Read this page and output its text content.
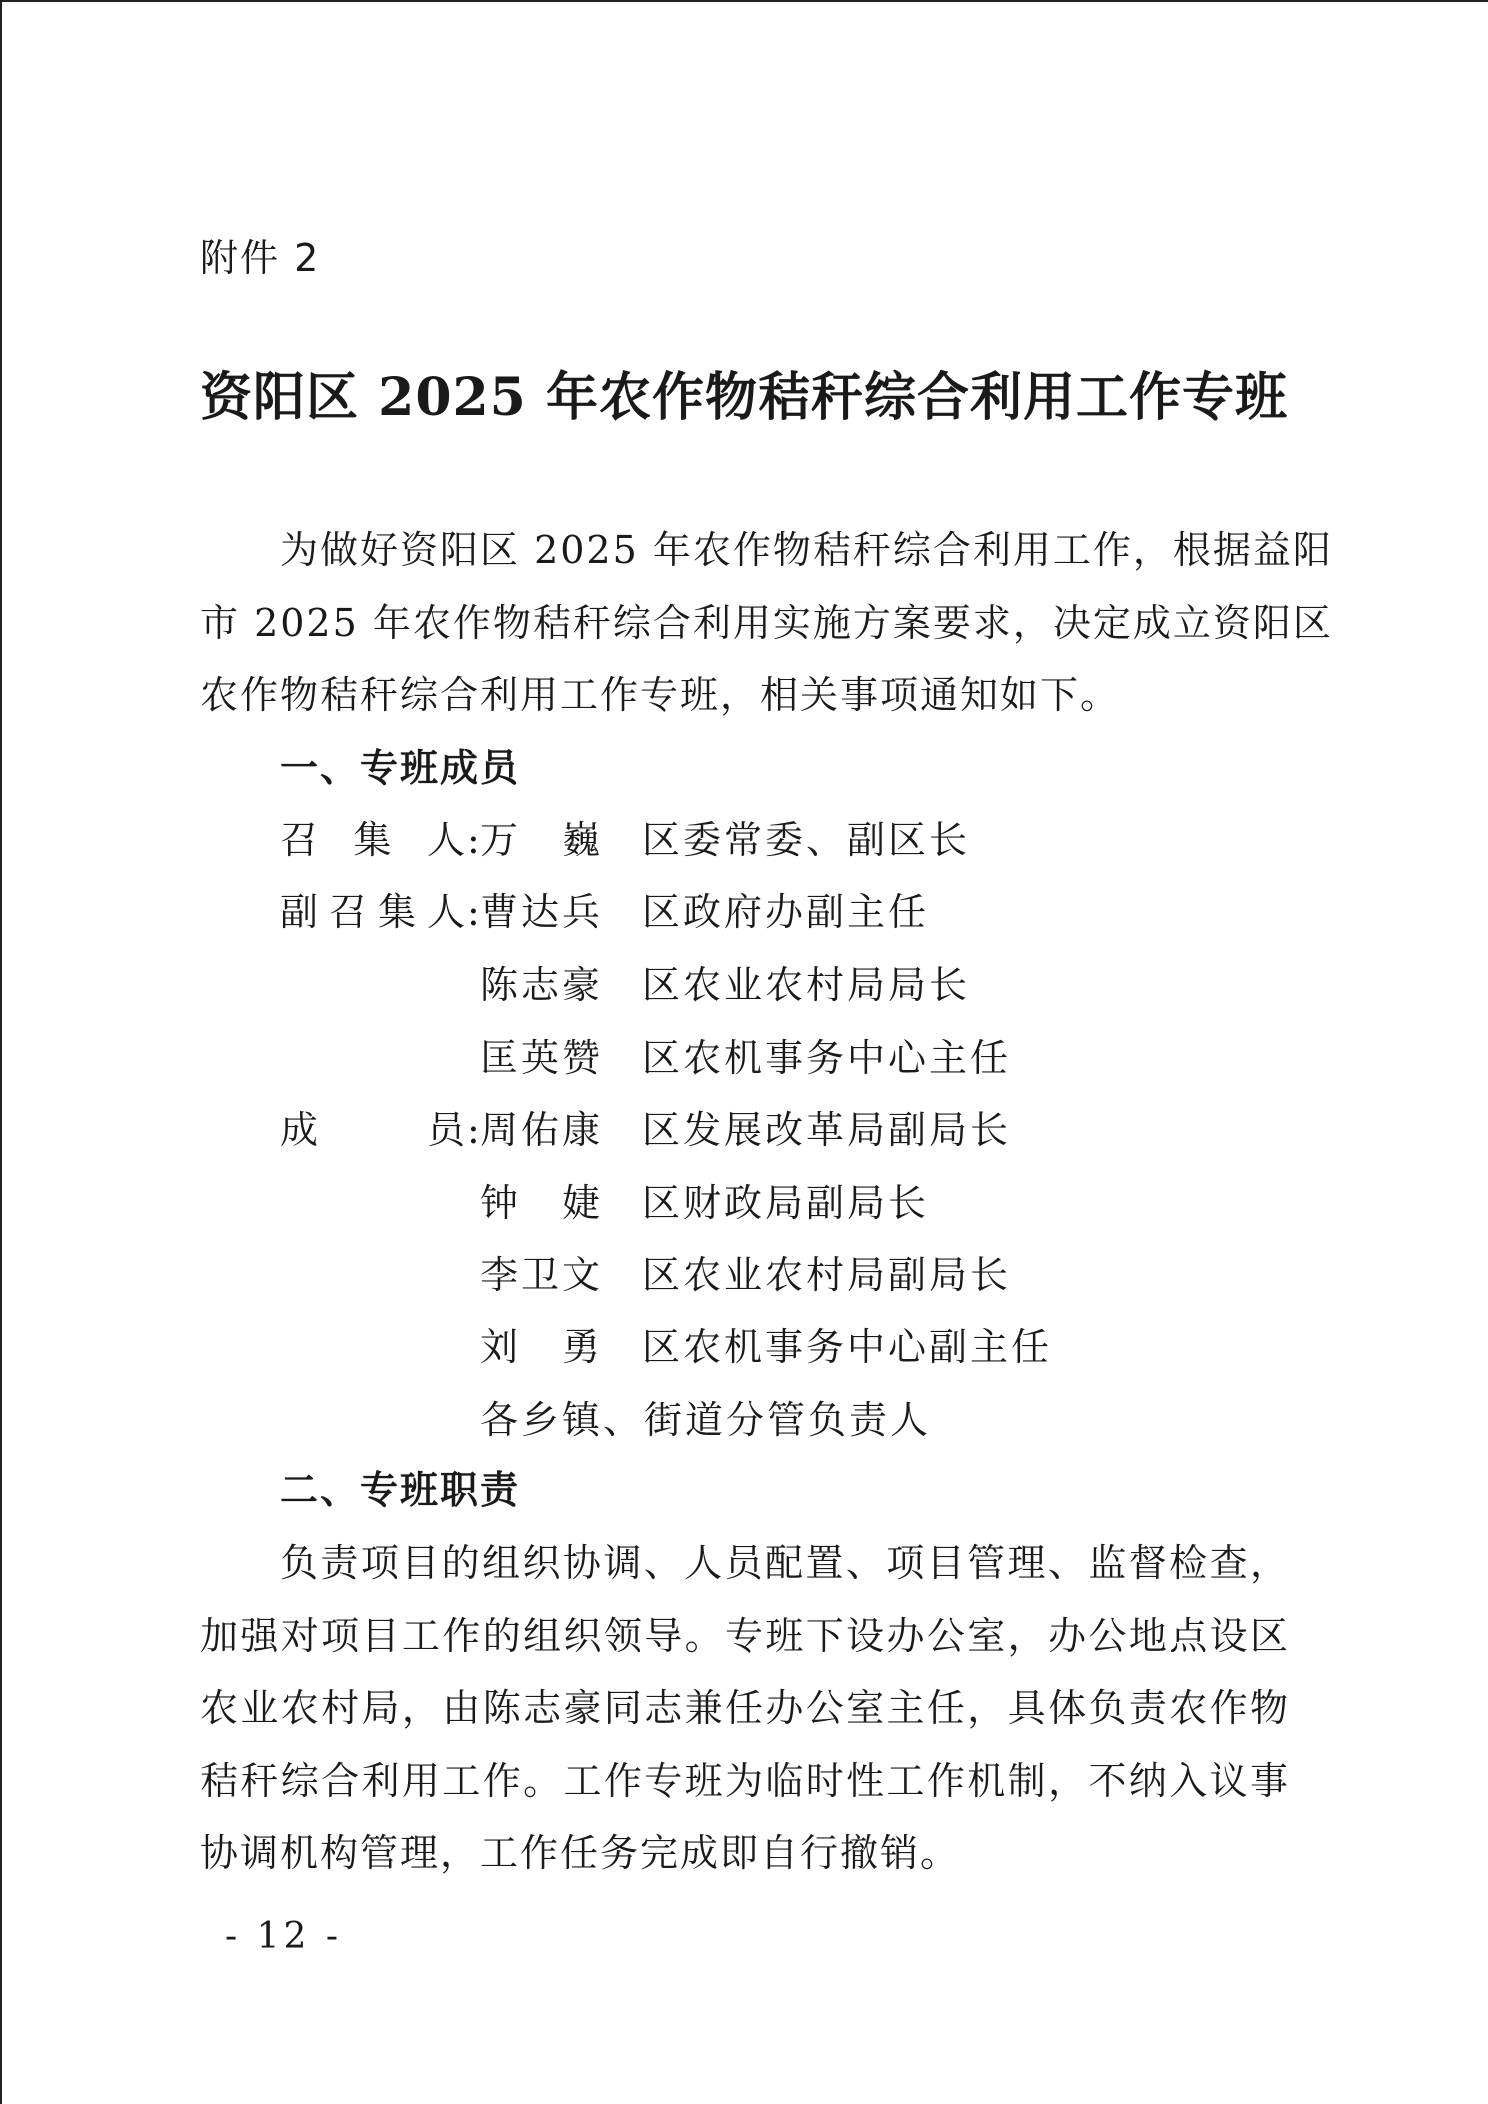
附件 2
资阳区 2025 年农作物秸秆综合利用工作专班
为做好资阳区 2025 年农作物秸秆综合利用工作，根据益阳
市 2025 年农作物秸秆综合利用实施方案要求，决定成立资阳区
农作物秸秆综合利用工作专班，相关事项通知如下。
一、专班成员
召集人 : 万巍 区委常委、副区长
副召集人 : 曹达兵 区政府办副主任
陈志豪 区农业农村局局长
匡英赞 区农机事务中心主任
成员 : 周佑康 区发展改革局副局长
钟婕 区财政局副局长
李卫文 区农业农村局副局长
刘勇 区农机事务中心副主任
各乡镇、街道分管负责人
二、专班职责
负责项目的组织协调、人员配置、项目管理、监督检查，
加强对项目工作的组织领导。专班下设办公室，办公地点设区
农业农村局，由陈志豪同志兼任办公室主任，具体负责农作物
秸秆综合利用工作。工作专班为临时性工作机制，不纳入议事
协调机构管理，工作任务完成即自行撤销。
- 12 -
